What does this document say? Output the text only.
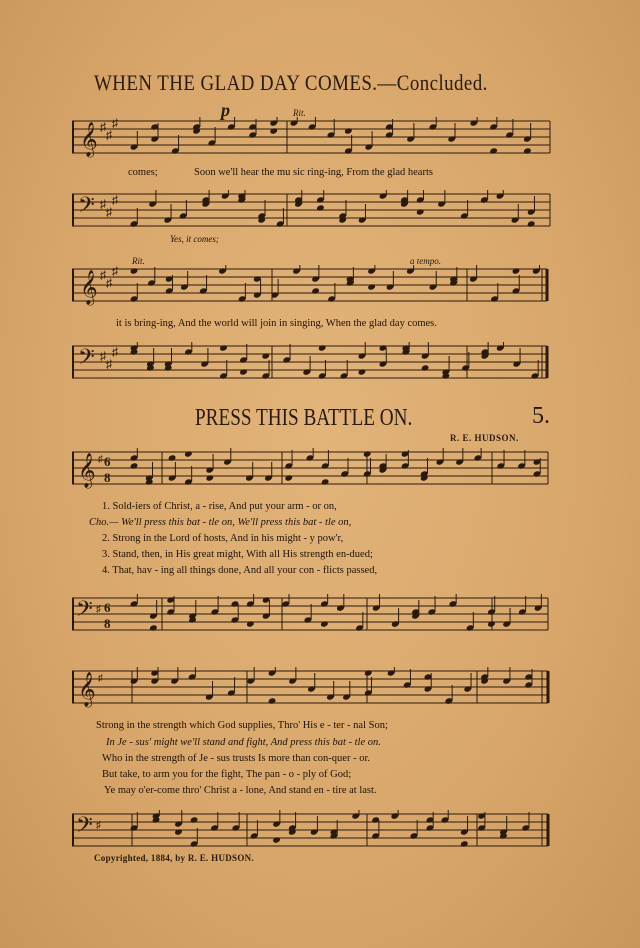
WHEN THE GLAD DAY COMES.—Concluded.
p	Rit.
𝄞 ♯
♯
♯
comes;	Soon we'll hear the mu sic ring-ing, From the glad hearts
𝄢 ♯
♯
♯
Yes, it comes;
Rit.	a tempo.
𝄞 ♯
♯
♯
it is bring-ing, And the world will join in singing, When the glad day comes.
𝄢 ♯
♯
♯
PRESS THIS BATTLE ON.	5.
R. E. HUDSON.
𝄞 ♯ 6
8
1. Sold-iers of Christ, a - rise, And put your arm - or on,
Cho.— We'll press this bat - tle on, We'll press this bat - tle on,
2. Strong in the Lord of hosts, And in his might - y pow'r,
3. Stand, then, in His great might, With all His strength en-dued;
4. That, hav - ing all things done, And all your con - flicts passed,
𝄢 ♯ 6
8
𝄞 ♯
Strong in the strength which God supplies, Thro' His e - ter - nal Son;
In Je - sus' might we'll stand and fight, And press this bat - tle on.
Who in the strength of Je - sus trusts Is more than con-quer - or.
But take, to arm you for the fight, The pan - o - ply of God;
Ye may o'er-come thro' Christ a - lone, And stand en - tire at last.
𝄢 ♯
Copyrighted, 1884, by R. E. HUDSON.
